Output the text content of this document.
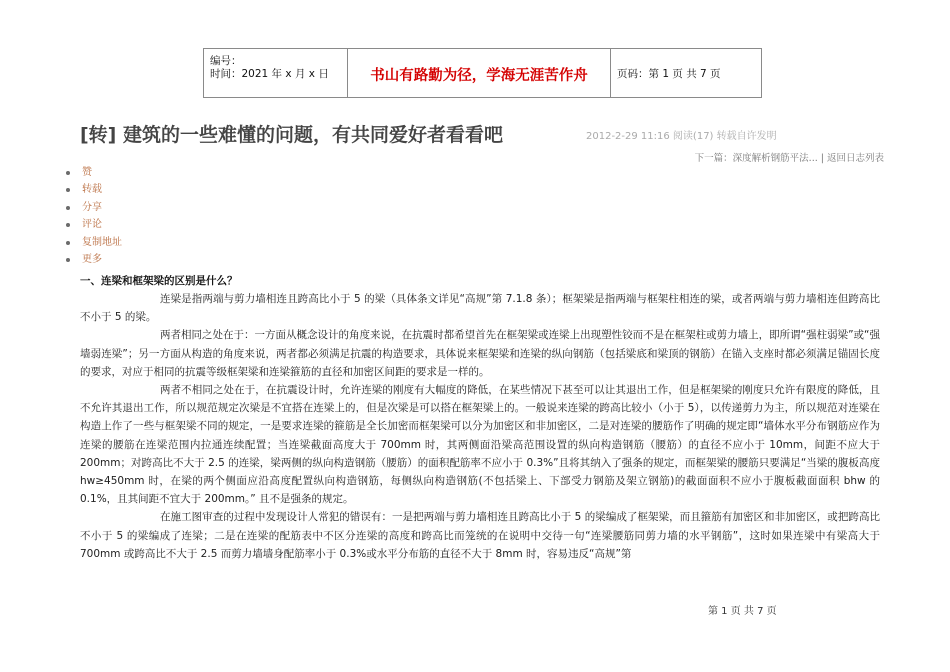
编号：
时间：2021 年 x 月 x 日	书山有路勤为径，学海无涯苦作舟	页码：第 1 页 共 7 页
[转] 建筑的一些难懂的问题，有共同爱好者看看吧	2012-2-29 11:16 阅读(17) 转载自许发明
下一篇：深度解析钢筋平法... | 返回日志列表
赞
转载
分享
评论
复制地址
更多
一、连梁和框架梁的区别是什么？

连梁是指两端与剪力墙相连且跨高比小于 5 的梁（具体条文详见“高规”第 7.1.8 条）；框架梁是指两端与框架柱相连的梁，或者两端与剪力墙相连但跨高比不小于 5 的梁。

两者相同之处在于：一方面从概念设计的角度来说，在抗震时都希望首先在框架梁或连梁上出现塑性铰而不是在框架柱或剪力墙上，即所谓“强柱弱梁”或“强墙弱连梁”；另一方面从构造的角度来说，两者都必须满足抗震的构造要求，具体说来框架梁和连梁的纵向钢筋（包括梁底和梁顶的钢筋）在锚入支座时都必须满足锚固长度的要求，对应于相同的抗震等级框架梁和连梁箍筋的直径和加密区间距的要求是一样的。

两者不相同之处在于，在抗震设计时，允许连梁的刚度有大幅度的降低，在某些情况下甚至可以让其退出工作，但是框架梁的刚度只允许有限度的降低，且不允许其退出工作，所以规范规定次梁是不宜搭在连梁上的，但是次梁是可以搭在框架梁上的。一般说来连梁的跨高比较小（小于 5），以传递剪力为主，所以规范对连梁在构造上作了一些与框架梁不同的规定，一是要求连梁的箍筋是全长加密而框架梁可以分为加密区和非加密区，二是对连梁的腰筋作了明确的规定即“墙体水平分布钢筋应作为连梁的腰筋在连梁范围内拉通连续配置；当连梁截面高度大于 700mm 时，其两侧面沿梁高范围设置的纵向构造钢筋（腰筋）的直径不应小于 10mm，间距不应大于 200mm；对跨高比不大于 2.5 的连梁，梁两侧的纵向构造钢筋（腰筋）的面积配筋率不应小于 0.3%”且将其纳入了强条的规定，而框架梁的腰筋只要满足“当梁的腹板高度 hw≥450mm 时，在梁的两个侧面应沿高度配置纵向构造钢筋，每侧纵向构造钢筋(不包括梁上、下部受力钢筋及架立钢筋)的截面面积不应小于腹板截面面积 bhw 的 0.1%，且其间距不宜大于 200mm。” 且不是强条的规定。

在施工图审查的过程中发现设计人常犯的错误有：一是把两端与剪力墙相连且跨高比小于 5 的梁编成了框架梁，而且箍筋有加密区和非加密区，或把跨高比不小于 5 的梁编成了连梁；二是在连梁的配筋表中不区分连梁的高度和跨高比而笼统的在说明中交待一句“连梁腰筋同剪力墙的水平钢筋”，这时如果连梁中有梁高大于 700mm 或跨高比不大于 2.5 而剪力墙墙身配筋率小于 0.3%或水平分布筋的直径不大于 8mm 时，容易违反“高规”第

第 1 页 共 7 页
